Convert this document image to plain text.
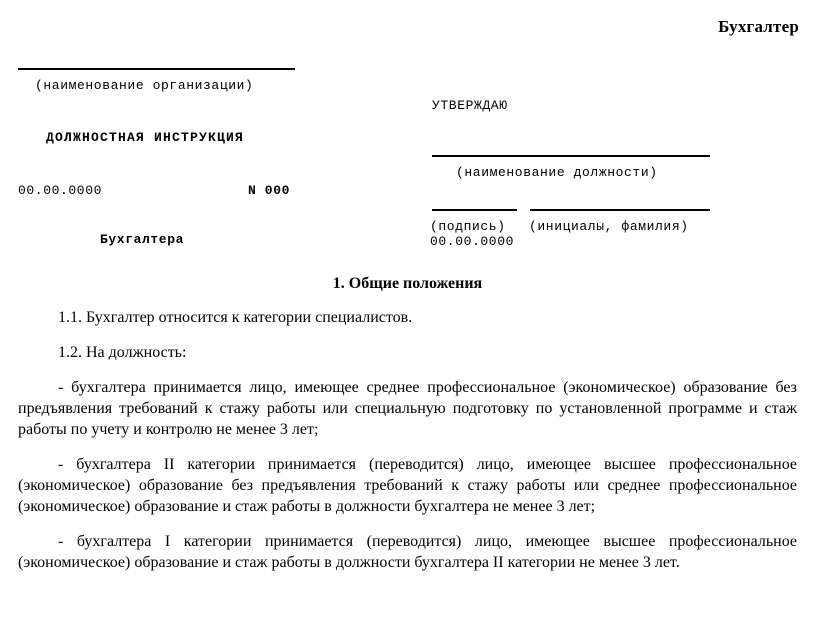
Бухгалтер
(наименование организации)
ДОЛЖНОСТНАЯ ИНСТРУКЦИЯ
00.00.0000	N 000
Бухгалтера
УТВЕРЖДАЮ
(наименование должности)
(подпись) (инициалы, фамилия)
00.00.0000
1. Общие положения

1.1. Бухгалтер относится к категории специалистов.

1.2. На должность:

- бухгалтера принимается лицо, имеющее среднее профессиональное (экономическое) образование без предъявления требований к стажу работы или специальную подготовку по установленной программе и стаж работы по учету и контролю не менее 3 лет;

- бухгалтера II категории принимается (переводится) лицо, имеющее высшее профессиональное (экономическое) образование без предъявления требований к стажу работы или среднее профессиональное (экономическое) образование и стаж работы в должности бухгалтера не менее 3 лет;

- бухгалтера I категории принимается (переводится) лицо, имеющее высшее профессиональное (экономическое) образование и стаж работы в должности бухгалтера II категории не менее 3 лет.
